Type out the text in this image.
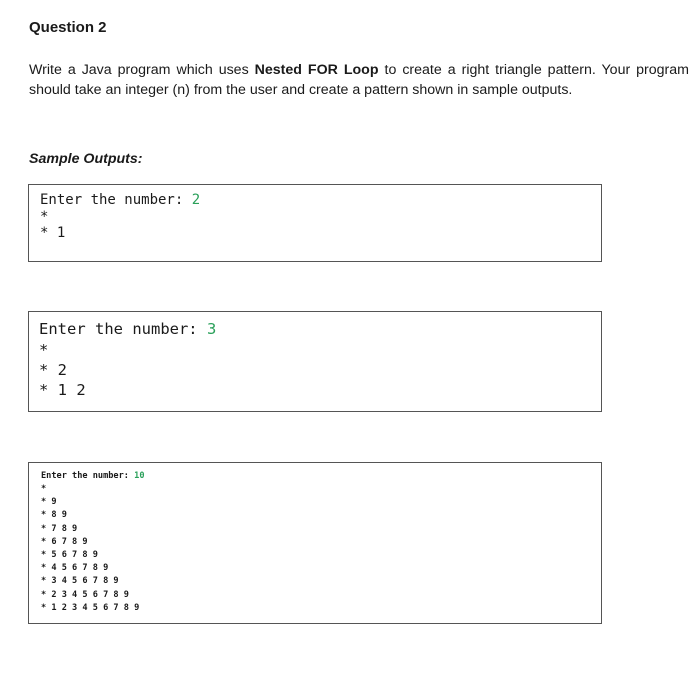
Question 2
Write a Java program which uses Nested FOR Loop to create a right triangle pattern. Your program should take an integer (n) from the user and create a pattern shown in sample outputs.
Sample Outputs:
Enter the number: 2
*
* 1
Enter the number: 3
*
* 2
* 1 2
Enter the number: 10
*
* 9
* 8 9
* 7 8 9
* 6 7 8 9
* 5 6 7 8 9
* 4 5 6 7 8 9
* 3 4 5 6 7 8 9
* 2 3 4 5 6 7 8 9
* 1 2 3 4 5 6 7 8 9
